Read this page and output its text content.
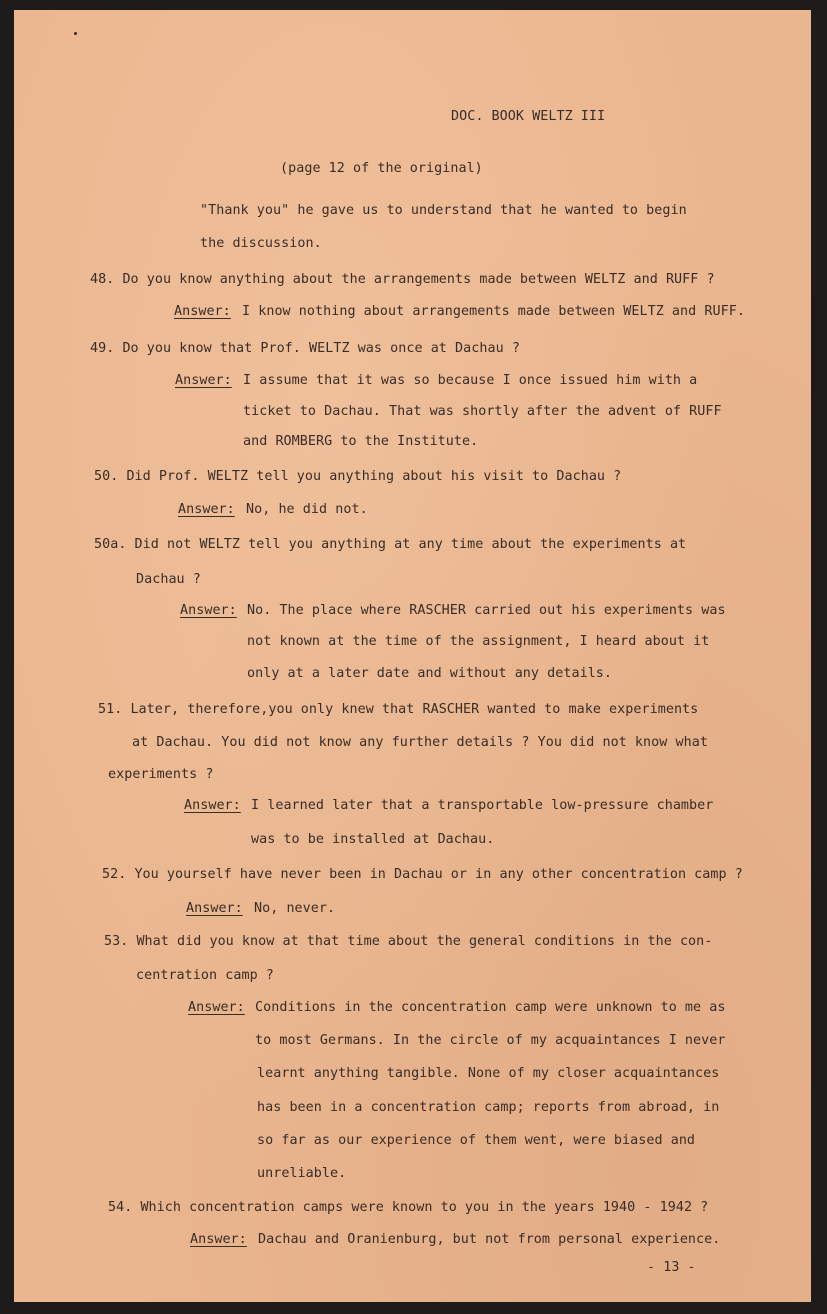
DOC. BOOK WELTZ III
(page 12 of the original)
"Thank you" he gave us to understand that he wanted to begin
the discussion.
48. Do you know anything about the arrangements made between WELTZ and RUFF ?
Answer: I know nothing about arrangements made between WELTZ and RUFF.
49. Do you know that Prof. WELTZ was once at Dachau ?
Answer: I assume that it was so because I once issued him with a
ticket to Dachau. That was shortly after the advent of RUFF
and ROMBERG to the Institute.
50. Did Prof. WELTZ tell you anything about his visit to Dachau ?
Answer: No, he did not.
50a. Did not WELTZ tell you anything at any time about the experiments at
Dachau ?
Answer: No. The place where RASCHER carried out his experiments was
not known at the time of the assignment, I heard about it
only at a later date and without any details.
51. Later, therefore,you only knew that RASCHER wanted to make experiments
at Dachau. You did not know any further details ? You did not know what
experiments ?
Answer: I learned later that a transportable low-pressure chamber
was to be installed at Dachau.
52. You yourself have never been in Dachau or in any other concentration camp ?
Answer: No, never.
53. What did you know at that time about the general conditions in the con-
centration camp ?
Answer: Conditions in the concentration camp were unknown to me as
to most Germans. In the circle of my acquaintances I never
learnt anything tangible. None of my closer acquaintances
has been in a concentration camp; reports from abroad, in
so far as our experience of them went, were biased and
unreliable.
54. Which concentration camps were known to you in the years 1940 - 1942 ?
Answer: Dachau and Oranienburg, but not from personal experience.
- 13 -
